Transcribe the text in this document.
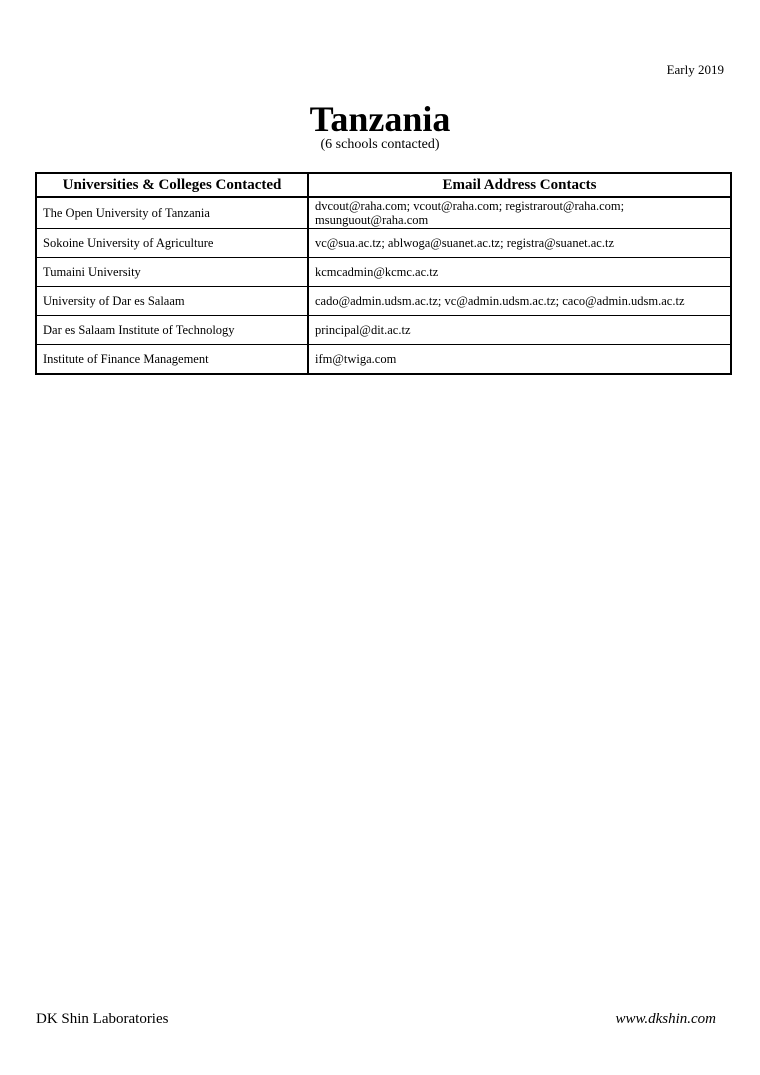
Early 2019
Tanzania
(6 schools contacted)
Universities & Colleges Contacted	Email Address Contacts
The Open University of Tanzania	dvcout@raha.com; vcout@raha.com; registrarout@raha.com; msunguout@raha.com
Sokoine University of Agriculture	vc@sua.ac.tz; ablwoga@suanet.ac.tz; registra@suanet.ac.tz
Tumaini University	kcmcadmin@kcmc.ac.tz
University of Dar es Salaam	cado@admin.udsm.ac.tz; vc@admin.udsm.ac.tz; caco@admin.udsm.ac.tz
Dar es Salaam Institute of Technology	principal@dit.ac.tz
Institute of Finance Management	ifm@twiga.com
DK Shin Laboratories	www.dkshin.com
